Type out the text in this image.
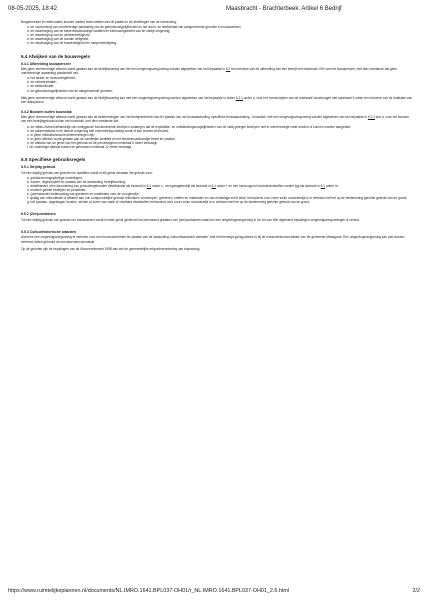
08-05-2025, 18:42	Maasbracht - Brachterbeek: Artikel 6 Bedrijf

Burgemeester en wethouders kunnen nadere eisen stellen aan de plaats en de afmetingen van de bebouwing:

a. ter voorkoming van onevenredige aantasting van de gebruiksmogelijkheden en het woon- en leefklimaat van aangrenzende gronden en bouwwerken;
b. ter waarborging van de stedenbouwkundige kwaliteit en bebouwingsbeeld van de nabije omgeving;
c. ter waarborging van de verkeersveiligheid;
d. ter waarborging van de sociale veiligheid;
e. ter waarborging van de brandveiligheid en rampenbestrijding.
6.4 Afwijken van de bouwregels
6.4.1 Uitbreiding bouwperceel

Mits geen onevenredige afbreuk wordt gedaan aan de bedrijfsvoering van het een omgevingsvergunning worden afgeweken van het bepaalde in 6.2 ten behoeve van de uitbreiding van een bedrijf met maximaal 10% van het bouwperceel, met dien verstande dat geen onevenredige aantasting plaatsvindt van:

a. het straat- en bebouwingsbeeld;
b. de verkeersituatie;
c. de milieusituatie;
d. de gebruiksmogelijkheden van de aangrenzende gronden;

Mits geen onevenredige afbreuk wordt gedaan aan de bedrijfsvoering kan met een omgevingsvergunning worden afgeweken van het bepaalde in onder 6.2.1 onder d, voor het overschrijden van de maximale bouwhoogte met maximaal 3 meter ten behoeve van de realisatie van een dakopbouw.

6.4.2 Bouwen buiten bouwvlak

Mits geen onevenredige afbreuk wordt gedaan aan de bestemmingen van het bedrijventerrein kan ter plaatse van de bouwaanduiding 'specifieke bouwaanduiding - bouwvlak' met een omgevingsvergunning worden afgeweken van het bepaalde in 6.2.1 sub a, voor het bouwen van een bedrijfsgebouw buiten het bouwvlak, met dien verstande dat:

a. de milieu-invloed afhankelijk van omliggende functionerende bedrijven zodanig is dat de exploitatie- en ontwikkelingsmogelijkheden van de nabij gelegen bedrijven niet in onevenredige mate worden of kunnen worden aangetast;
b. de parkeerbalans in de directe omgeving niet onevenredig nadelig wordt of kan worden beïnvloed;
c. er geen milieutechnische belemmeringen zijn;
d. er geen afbreuk wordt gedaan aan de ruimtelijke kwaliteit en het stedenbouwkundige beeld ter plaatse;
e. de afstand van de gevel van het gebouw tot de perceelsgrens minimaal 6 meter bedraagt;
f. de onderlinge afstand tussen de gebouwen minimaal 12 meter bedraagt.
6.5 Specifieke gebruiksregels
6.5.1 Strijdig gebruik

Tot een strijdig gebruik van gronden en opstallen wordt in elk geval verstaan het gebruik voor:

a. geluidzoneringsplichtige inrichtingen;
b. wonen, uitgezonderd ter plaatse van de aanduiding 'bedrijfswoning';
c. detailhandel, met uitzondering van productiegebonden detailhandel als bedoeld in 6.1 onder c., een garagebedrijf als bedoeld in 6.1 onder f. en een verkooppunt motorbrandstoffen zonder lpg als bedoeld in 6.1 onder m;
d. erotisch getinte bedrijven en prostitutie;
e. (permanente) buitenopslag van goederen en materialen voor de voorgevelljn;
f. opslag van onbruikbare of afhamn aan hun oorspronkelijke gebruik onttrokken voorwerpen, goederen, stoffen en materialen en van emballage en/of afval, behoudens voor zover zulks noodzakelijk is in verband met het op de bestemming gerichte gebruik van de grond;
g. het opslaan, opgeslagen houden, storten of lozen van vaste of vloeibare afvalstoffen behoudens voor zover zulks noodzakelijk is in verband met het op de bestemming gerichte gebruik van de grond.
6.5.2 (Zee)containers

Tot een strijdig gebruik van gronden en bouwwerken wordt in ieder geval gerekend het permanent plaatsen van (zee)containers waarvoor een omgevingsvergunning in de zin van Wet algemene bepalingen omgevingsvergunningen is vereist.

6.5.3 Cultuurhistorische waarden

Alvorens een omgevingsvergunning te verlenen voor een bouwvoornemen ter plaatse van de aanduiding 'cultuurhistorische waarden' wint het bevoegd gezag advies in bij de monumentencommissie van de gemeente Maasgouw. Een omgevingsvergunning kan pas worden verleend indien gehoord de monumentencommissie.

Op de gronden zijn de bepalingen van de Monumentenwet 1988 dan wel de gemeentelijke erfgoedverordening van toepassing.

https://www.ruimtelijkeplannen.nl/documents/NL.IMRO.1641.BPL037-OH01/r_NL.IMRO.1641.BPL037-OH01_2.6.html	2/2
